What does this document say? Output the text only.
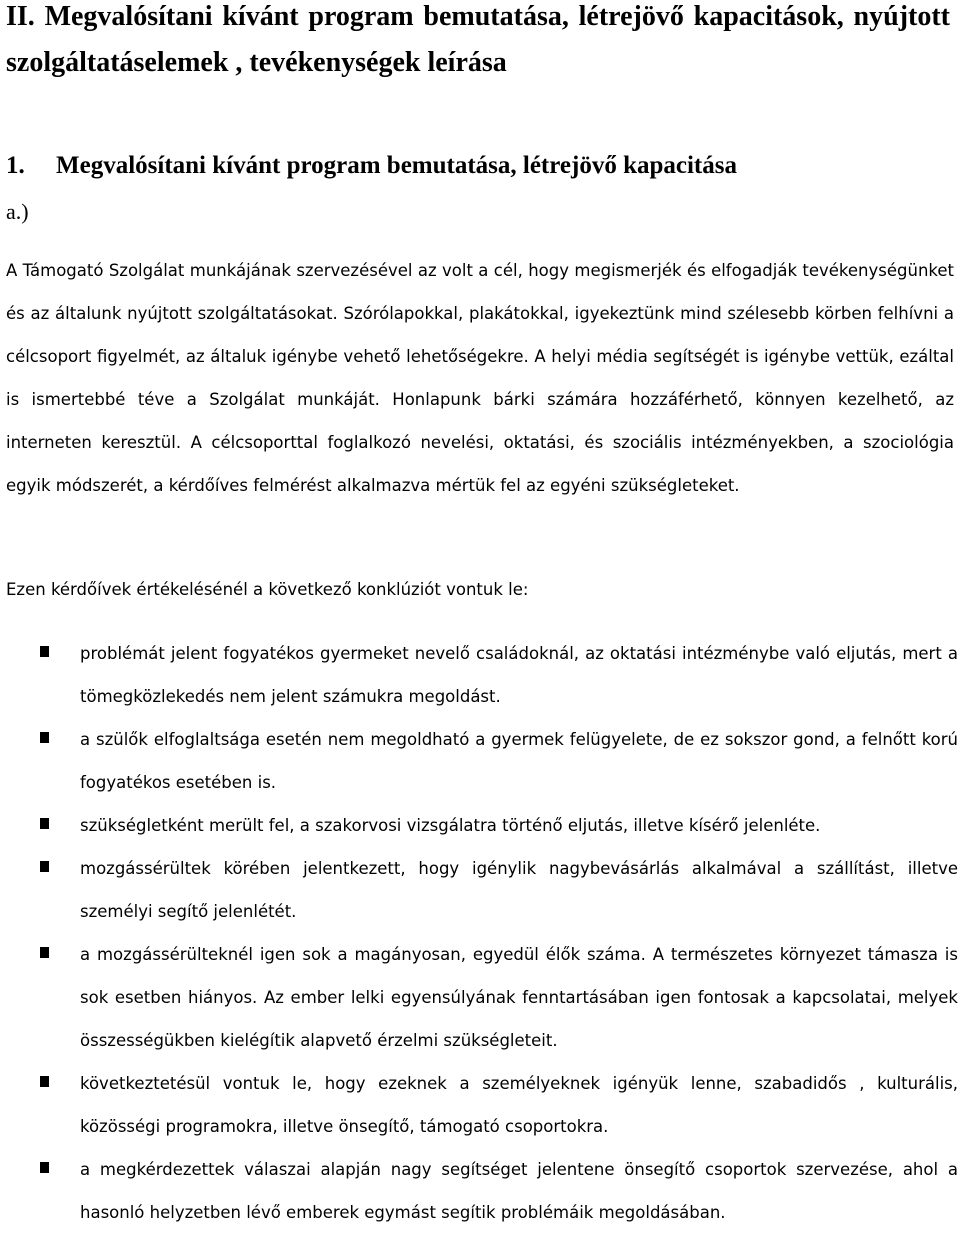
II. Megvalósítani kívánt program bemutatása, létrejövő kapacitások, nyújtott szolgáltatáselemek , tevékenységek leírása
1. Megvalósítani kívánt program bemutatása, létrejövő kapacitása
a.)

A Támogató Szolgálat munkájának szervezésével az volt a cél, hogy megismerjék és elfogadják tevékenységünket és az általunk nyújtott szolgáltatásokat. Szórólapokkal, plakátokkal, igyekeztünk mind szélesebb körben felhívni a célcsoport figyelmét, az általuk igénybe vehető lehetőségekre. A helyi média segítségét is igénybe vettük, ezáltal is ismertebbé téve a Szolgálat munkáját. Honlapunk bárki számára hozzáférhető, könnyen kezelhető, az interneten keresztül. A célcsoporttal foglalkozó nevelési, oktatási, és szociális intézményekben, a szociológia egyik módszerét, a kérdőíves felmérést alkalmazva mértük fel az egyéni szükségleteket.

Ezen kérdőívek értékelésénél a következő konklúziót vontuk le:

problémát jelent fogyatékos gyermeket nevelő családoknál, az oktatási intézménybe való eljutás, mert a tömegközlekedés nem jelent számukra megoldást.
a szülők elfoglaltsága esetén nem megoldható a gyermek felügyelete, de ez sokszor gond, a felnőtt korú fogyatékos esetében is.
szükségletként merült fel, a szakorvosi vizsgálatra történő eljutás, illetve kísérő jelenléte.
mozgássérültek körében jelentkezett, hogy igénylik nagybevásárlás alkalmával a szállítást, illetve személyi segítő jelenlétét.
a mozgássérülteknél igen sok a magányosan, egyedül élők száma. A természetes környezet támasza is sok esetben hiányos. Az ember lelki egyensúlyának fenntartásában igen fontosak a kapcsolatai, melyek összességükben kielégítik alapvető érzelmi szükségleteit.
következtetésül vontuk le, hogy ezeknek a személyeknek igényük lenne, szabadidős , kulturális, közösségi programokra, illetve önsegítő, támogató csoportokra.
a megkérdezettek válaszai alapján nagy segítséget jelentene önsegítő csoportok szervezése, ahol a hasonló helyzetben lévő emberek egymást segítik problémáik megoldásában.
